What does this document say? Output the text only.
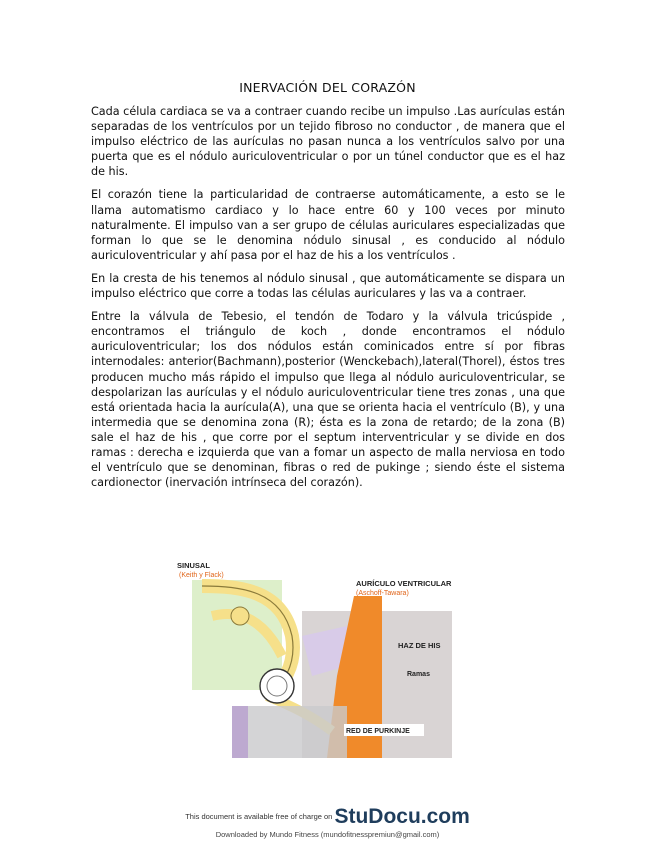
INERVACIÓN DEL CORAZÓN

Cada célula cardiaca se va a contraer cuando recibe un impulso .Las aurículas están separadas de los ventrículos por un tejido fibroso no conductor , de manera que el impulso eléctrico de las aurículas no pasan nunca a los ventrículos salvo por una puerta que es el nódulo auriculoventricular o por un túnel conductor que es el haz de his.

El corazón tiene la particularidad de contraerse automáticamente, a esto se le llama automatismo cardiaco y lo hace entre 60 y 100 veces por minuto naturalmente. El impulso van a ser grupo de células auriculares especializadas que forman lo que se le denomina nódulo sinusal , es conducido al nódulo auriculoventricular y ahí pasa por el haz de his a los ventrículos .

En la cresta de his tenemos al nódulo sinusal , que automáticamente se dispara un impulso eléctrico que corre a todas las células auriculares y las va a contraer.

Entre la válvula de Tebesio, el tendón de Todaro y la válvula tricúspide , encontramos el triángulo de koch , donde encontramos el nódulo auriculoventricular; los dos nódulos están cominicados entre sí por fibras internodales: anterior(Bachmann),posterior (Wenckebach),lateral(Thorel), éstos tres producen mucho más rápido el impulso que llega al nódulo auriculoventricular, se despolarizan las aurículas y el nódulo auriculoventricular tiene tres zonas , una que está orientada hacia la aurícula(A), una que se orienta hacia el ventrículo (B), y una intermedia que se denomina zona (R); ésta es la zona de retardo; de la zona (B) sale el haz de his , que corre por el septum interventricular y se divide en dos ramas : derecha e izquierda que van a fomar un aspecto de malla nerviosa en todo el ventrículo que se denominan, fibras o red de pukinge ; siendo éste el sistema cardionector (inervación intrínseca del corazón).

SINUSAL
(Keith y Flack)
AURÍCULO VENTRICULAR
(Aschoff-Tawara)
HAZ DE HIS
Ramas
RED DE PURKINJE
This document is available free of charge on StuDocu.com
Downloaded by Mundo Fitness (mundofitnesspremiun@gmail.com)
